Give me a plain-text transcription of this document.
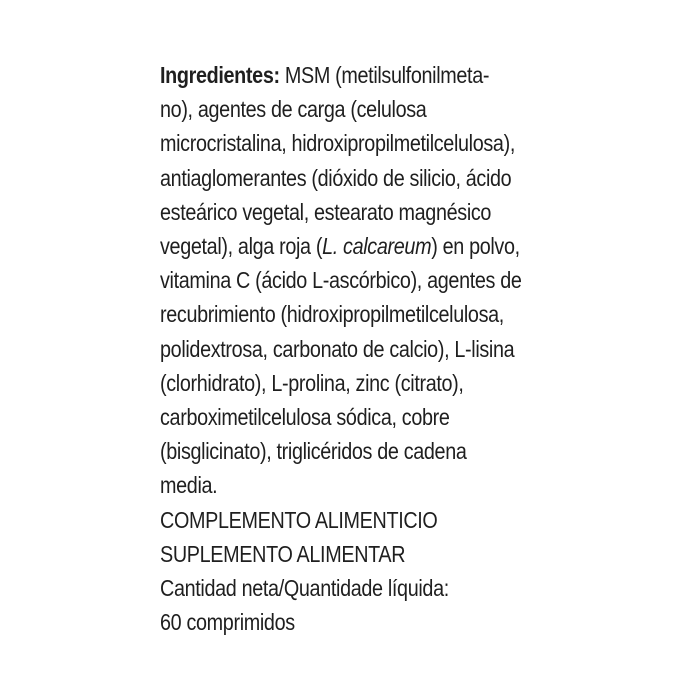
Ingredientes: MSM (metilsulfonilmeta-
no), agentes de carga (celulosa
microcristalina, hidroxipropilmetilcelulosa),
antiaglomerantes (dióxido de silicio, ácido
esteárico vegetal, estearato magnésico
vegetal), alga roja (L. calcareum) en polvo,
vitamina C (ácido L-ascórbico), agentes de
recubrimiento (hidroxipropilmetilcelulosa,
polidextrosa, carbonato de calcio), L-lisina
(clorhidrato), L-prolina, zinc (citrato),
carboximetilcelulosa sódica, cobre
(bisglicinato), triglicéridos de cadena
media.
COMPLEMENTO ALIMENTICIO
SUPLEMENTO ALIMENTAR
Cantidad neta/Quantidade líquida:
60 comprimidos
